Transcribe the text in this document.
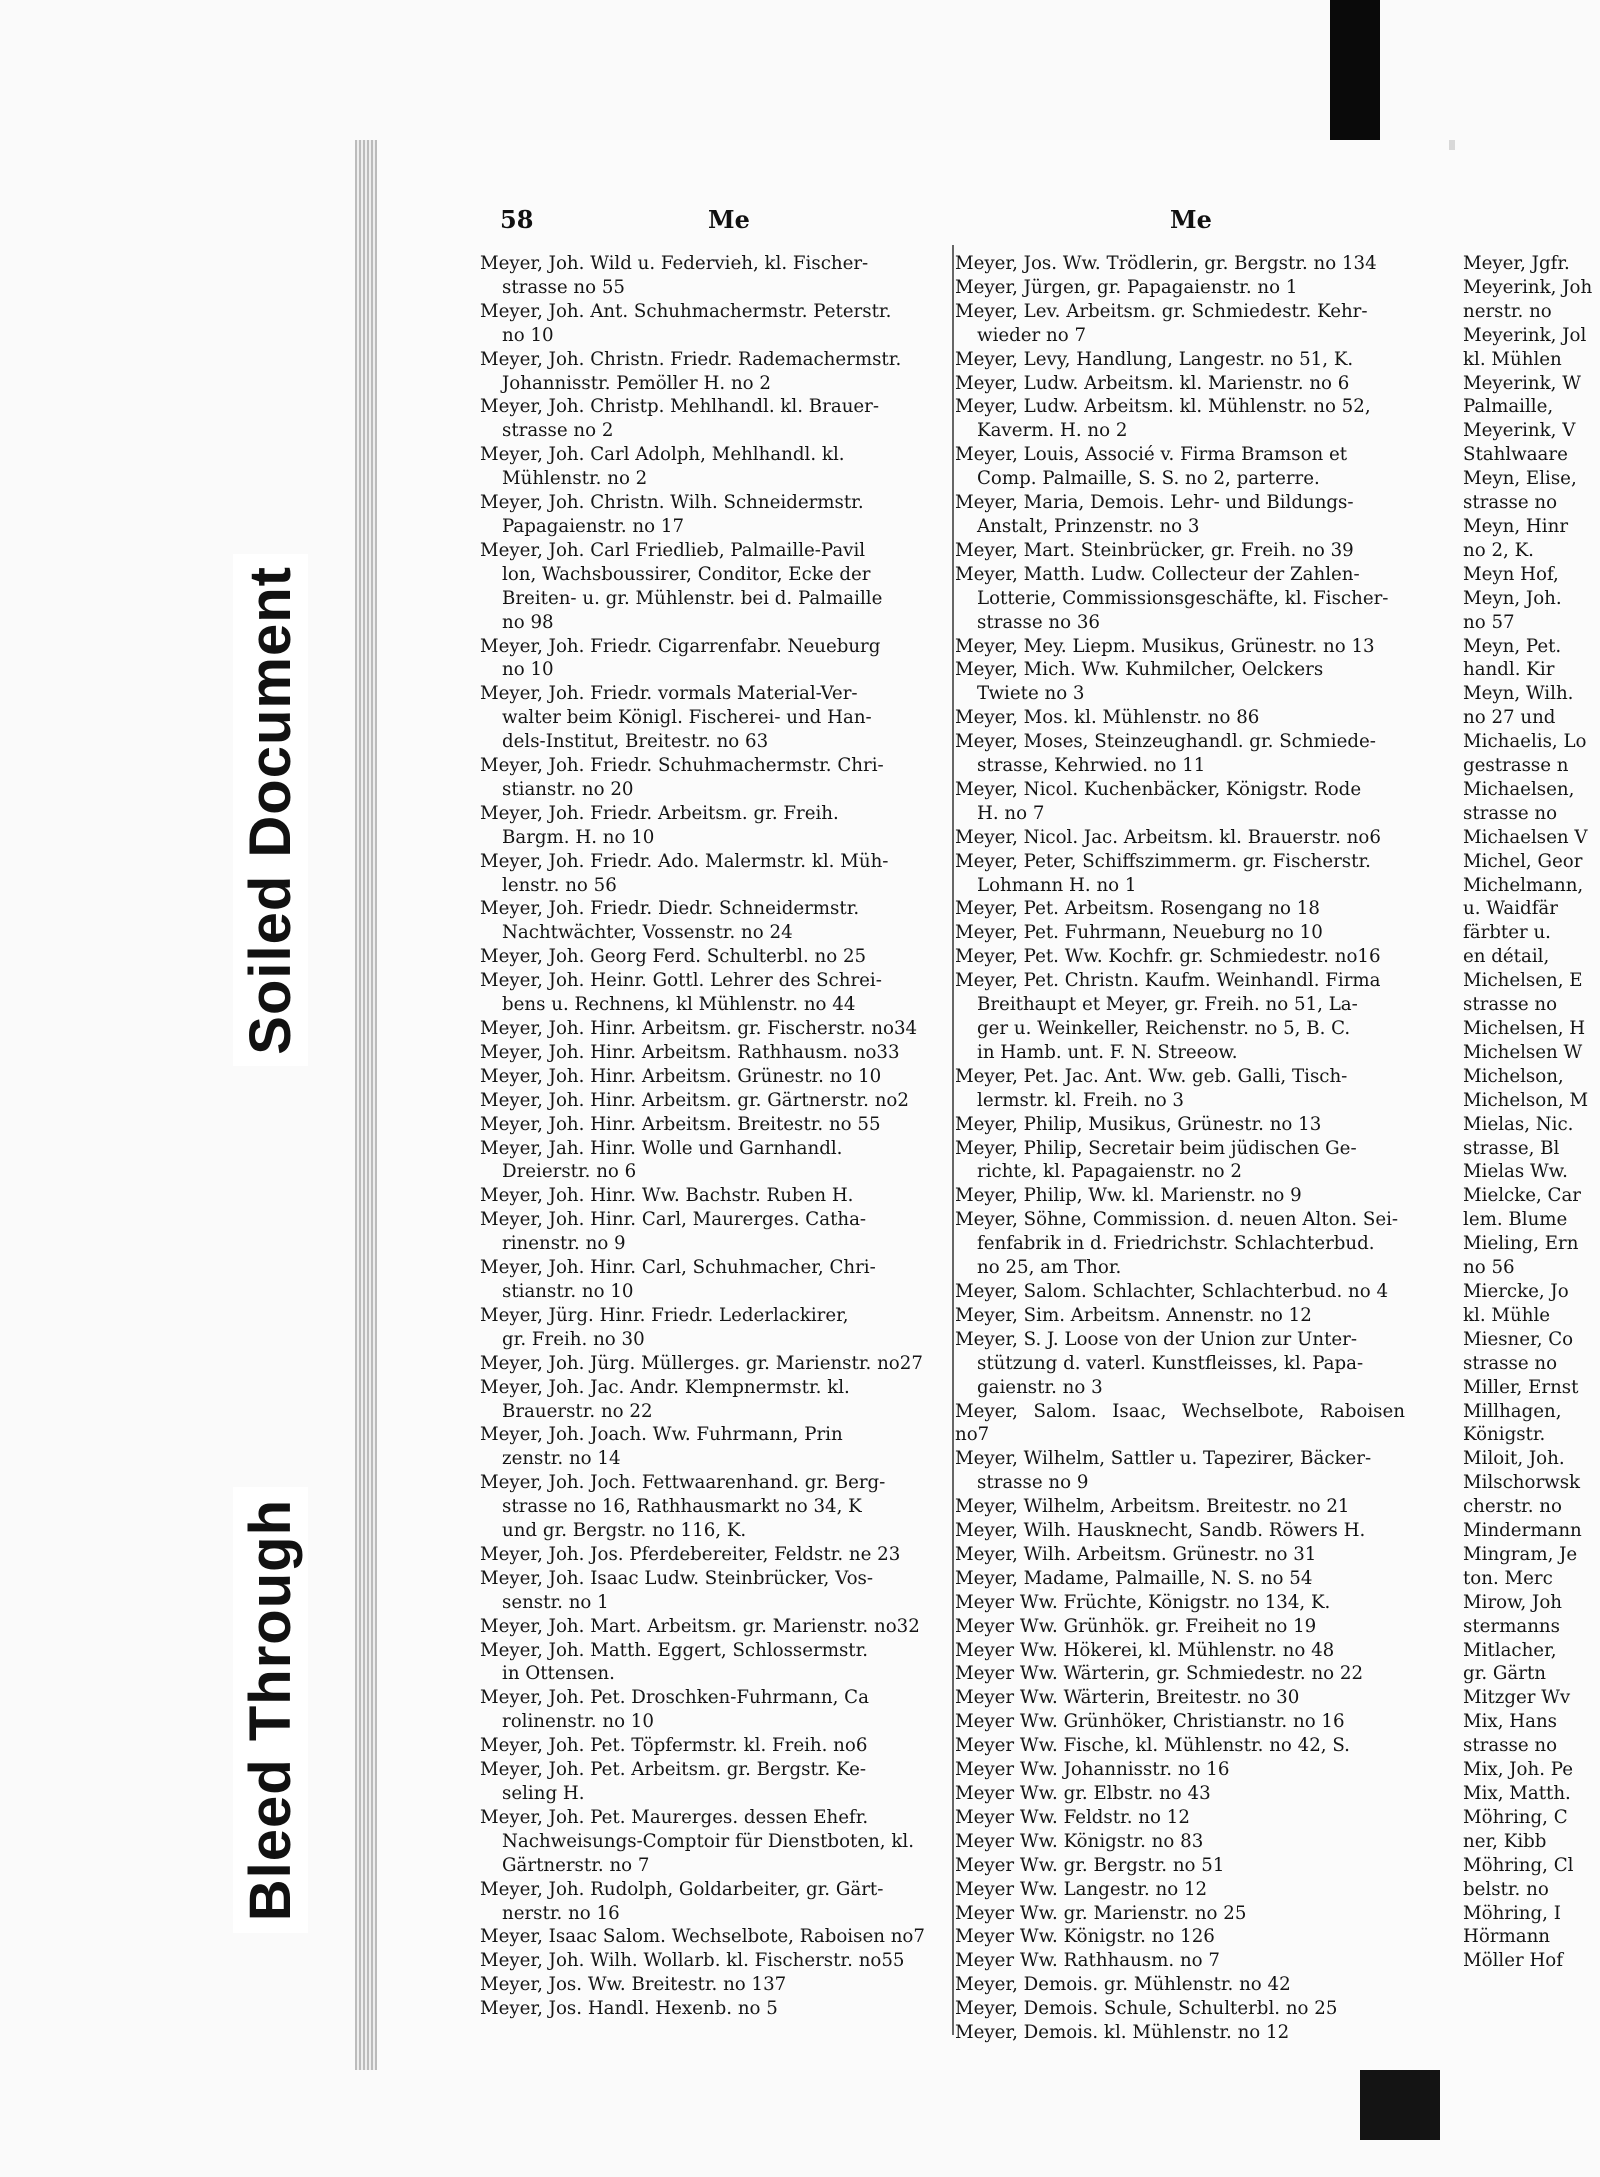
Soiled Document
Bleed Through
58	Me	Me
Meyer, Joh. Wild u. Federvieh, kl. Fischer-
strasse no 55
Meyer, Joh. Ant. Schuhmachermstr. Peterstr.
no 10
Meyer, Joh. Christn. Friedr. Rademachermstr.
Johannisstr. Pemöller H. no 2
Meyer, Joh. Christp. Mehlhandl. kl. Brauer-
strasse no 2
Meyer, Joh. Carl Adolph, Mehlhandl. kl.
Mühlenstr. no 2
Meyer, Joh. Christn. Wilh. Schneidermstr.
Papagaienstr. no 17
Meyer, Joh. Carl Friedlieb, Palmaille-Pavil
lon, Wachsboussirer, Conditor, Ecke der
Breiten- u. gr. Mühlenstr. bei d. Palmaille
no 98
Meyer, Joh. Friedr. Cigarrenfabr. Neueburg
no 10
Meyer, Joh. Friedr. vormals Material-Ver-
walter beim Königl. Fischerei- und Han-
dels-Institut, Breitestr. no 63
Meyer, Joh. Friedr. Schuhmachermstr. Chri-
stianstr. no 20
Meyer, Joh. Friedr. Arbeitsm. gr. Freih.
Bargm. H. no 10
Meyer, Joh. Friedr. Ado. Malermstr. kl. Müh-
lenstr. no 56
Meyer, Joh. Friedr. Diedr. Schneidermstr.
Nachtwächter, Vossenstr. no 24
Meyer, Joh. Georg Ferd. Schulterbl. no 25
Meyer, Joh. Heinr. Gottl. Lehrer des Schrei-
bens u. Rechnens, kl Mühlenstr. no 44
Meyer, Joh. Hinr. Arbeitsm. gr. Fischerstr. no34
Meyer, Joh. Hinr. Arbeitsm. Rathhausm. no33
Meyer, Joh. Hinr. Arbeitsm. Grünestr. no 10
Meyer, Joh. Hinr. Arbeitsm. gr. Gärtnerstr. no2
Meyer, Joh. Hinr. Arbeitsm. Breitestr. no 55
Meyer, Jah. Hinr. Wolle und Garnhandl.
Dreierstr. no 6
Meyer, Joh. Hinr. Ww. Bachstr. Ruben H.
Meyer, Joh. Hinr. Carl, Maurerges. Catha-
rinenstr. no 9
Meyer, Joh. Hinr. Carl, Schuhmacher, Chri-
stianstr. no 10
Meyer, Jürg. Hinr. Friedr. Lederlackirer,
gr. Freih. no 30
Meyer, Joh. Jürg. Müllerges. gr. Marienstr. no27
Meyer, Joh. Jac. Andr. Klempnermstr. kl.
Brauerstr. no 22
Meyer, Joh. Joach. Ww. Fuhrmann, Prin
zenstr. no 14
Meyer, Joh. Joch. Fettwaarenhand. gr. Berg-
strasse no 16, Rathhausmarkt no 34, K
und gr. Bergstr. no 116, K.
Meyer, Joh. Jos. Pferdebereiter, Feldstr. ne 23
Meyer, Joh. Isaac Ludw. Steinbrücker, Vos-
senstr. no 1
Meyer, Joh. Mart. Arbeitsm. gr. Marienstr. no32
Meyer, Joh. Matth. Eggert, Schlossermstr.
in Ottensen.
Meyer, Joh. Pet. Droschken-Fuhrmann, Ca
rolinenstr. no 10
Meyer, Joh. Pet. Töpfermstr. kl. Freih. no6
Meyer, Joh. Pet. Arbeitsm. gr. Bergstr. Ke-
seling H.
Meyer, Joh. Pet. Maurerges. dessen Ehefr.
Nachweisungs-Comptoir für Dienstboten, kl.
Gärtnerstr. no 7
Meyer, Joh. Rudolph, Goldarbeiter, gr. Gärt-
nerstr. no 16
Meyer, Isaac Salom. Wechselbote, Raboisen no7
Meyer, Joh. Wilh. Wollarb. kl. Fischerstr. no55
Meyer, Jos. Ww. Breitestr. no 137
Meyer, Jos. Handl. Hexenb. no 5
Meyer, Jos. Ww. Trödlerin, gr. Bergstr. no 134
Meyer, Jürgen, gr. Papagaienstr. no 1
Meyer, Lev. Arbeitsm. gr. Schmiedestr. Kehr-
wieder no 7
Meyer, Levy, Handlung, Langestr. no 51, K.
Meyer, Ludw. Arbeitsm. kl. Marienstr. no 6
Meyer, Ludw. Arbeitsm. kl. Mühlenstr. no 52,
Kaverm. H. no 2
Meyer, Louis, Associé v. Firma Bramson et
Comp. Palmaille, S. S. no 2, parterre.
Meyer, Maria, Demois. Lehr- und Bildungs-
Anstalt, Prinzenstr. no 3
Meyer, Mart. Steinbrücker, gr. Freih. no 39
Meyer, Matth. Ludw. Collecteur der Zahlen-
Lotterie, Commissionsgeschäfte, kl. Fischer-
strasse no 36
Meyer, Mey. Liepm. Musikus, Grünestr. no 13
Meyer, Mich. Ww. Kuhmilcher, Oelckers
Twiete no 3
Meyer, Mos. kl. Mühlenstr. no 86
Meyer, Moses, Steinzeughandl. gr. Schmiede-
strasse, Kehrwied. no 11
Meyer, Nicol. Kuchenbäcker, Königstr. Rode
H. no 7
Meyer, Nicol. Jac. Arbeitsm. kl. Brauerstr. no6
Meyer, Peter, Schiffszimmerm. gr. Fischerstr.
Lohmann H. no 1
Meyer, Pet. Arbeitsm. Rosengang no 18
Meyer, Pet. Fuhrmann, Neueburg no 10
Meyer, Pet. Ww. Kochfr. gr. Schmiedestr. no16
Meyer, Pet. Christn. Kaufm. Weinhandl. Firma
Breithaupt et Meyer, gr. Freih. no 51, La-
ger u. Weinkeller, Reichenstr. no 5, B. C.
in Hamb. unt. F. N. Streeow.
Meyer, Pet. Jac. Ant. Ww. geb. Galli, Tisch-
lermstr. kl. Freih. no 3
Meyer, Philip, Musikus, Grünestr. no 13
Meyer, Philip, Secretair beim jüdischen Ge-
richte, kl. Papagaienstr. no 2
Meyer, Philip, Ww. kl. Marienstr. no 9
Meyer, Söhne, Commission. d. neuen Alton. Sei-
fenfabrik in d. Friedrichstr. Schlachterbud.
no 25, am Thor.
Meyer, Salom. Schlachter, Schlachterbud. no 4
Meyer, Sim. Arbeitsm. Annenstr. no 12
Meyer, S. J. Loose von der Union zur Unter-
stützung d. vaterl. Kunstfleisses, kl. Papa-
gaienstr. no 3
Meyer, Salom. Isaac, Wechselbote, Raboisen no7
Meyer, Wilhelm, Sattler u. Tapezirer, Bäcker-
strasse no 9
Meyer, Wilhelm, Arbeitsm. Breitestr. no 21
Meyer, Wilh. Hausknecht, Sandb. Röwers H.
Meyer, Wilh. Arbeitsm. Grünestr. no 31
Meyer, Madame, Palmaille, N. S. no 54
Meyer Ww. Früchte, Königstr. no 134, K.
Meyer Ww. Grünhök. gr. Freiheit no 19
Meyer Ww. Hökerei, kl. Mühlenstr. no 48
Meyer Ww. Wärterin, gr. Schmiedestr. no 22
Meyer Ww. Wärterin, Breitestr. no 30
Meyer Ww. Grünhöker, Christianstr. no 16
Meyer Ww. Fische, kl. Mühlenstr. no 42, S.
Meyer Ww. Johannisstr. no 16
Meyer Ww. gr. Elbstr. no 43
Meyer Ww. Feldstr. no 12
Meyer Ww. Königstr. no 83
Meyer Ww. gr. Bergstr. no 51
Meyer Ww. Langestr. no 12
Meyer Ww. gr. Marienstr. no 25
Meyer Ww. Königstr. no 126
Meyer Ww. Rathhausm. no 7
Meyer, Demois. gr. Mühlenstr. no 42
Meyer, Demois. Schule, Schulterbl. no 25
Meyer, Demois. kl. Mühlenstr. no 12
Meyer, Jgfr.
Meyerink, Joh
nerstr. no
Meyerink, Jol
kl. Mühlen
Meyerink, W
Palmaille,
Meyerink, V
Stahlwaare
Meyn, Elise,
strasse no
Meyn, Hinr
no 2, K.
Meyn Hof,
Meyn, Joh.
no 57
Meyn, Pet.
handl. Kir
Meyn, Wilh.
no 27 und
Michaelis, Lo
gestrasse n
Michaelsen,
strasse no
Michaelsen V
Michel, Geor
Michelmann,
u. Waidfär
färbter u.
en détail,
Michelsen, E
strasse no
Michelsen, H
Michelsen W
Michelson,
Michelson, M
Mielas, Nic.
strasse, Bl
Mielas Ww.
Mielcke, Car
lem. Blume
Mieling, Ern
no 56
Miercke, Jo
kl. Mühle
Miesner, Co
strasse no
Miller, Ernst
Millhagen,
Königstr.
Miloit, Joh.
Milschorwsk
cherstr. no
Mindermann
Mingram, Je
ton. Merc
Mirow, Joh
stermanns
Mitlacher,
gr. Gärtn
Mitzger Wv
Mix, Hans
strasse no
Mix, Joh. Pe
Mix, Matth.
Möhring, C
ner, Kibb
Möhring, Cl
belstr. no
Möhring, I
Hörmann
Möller Hof
